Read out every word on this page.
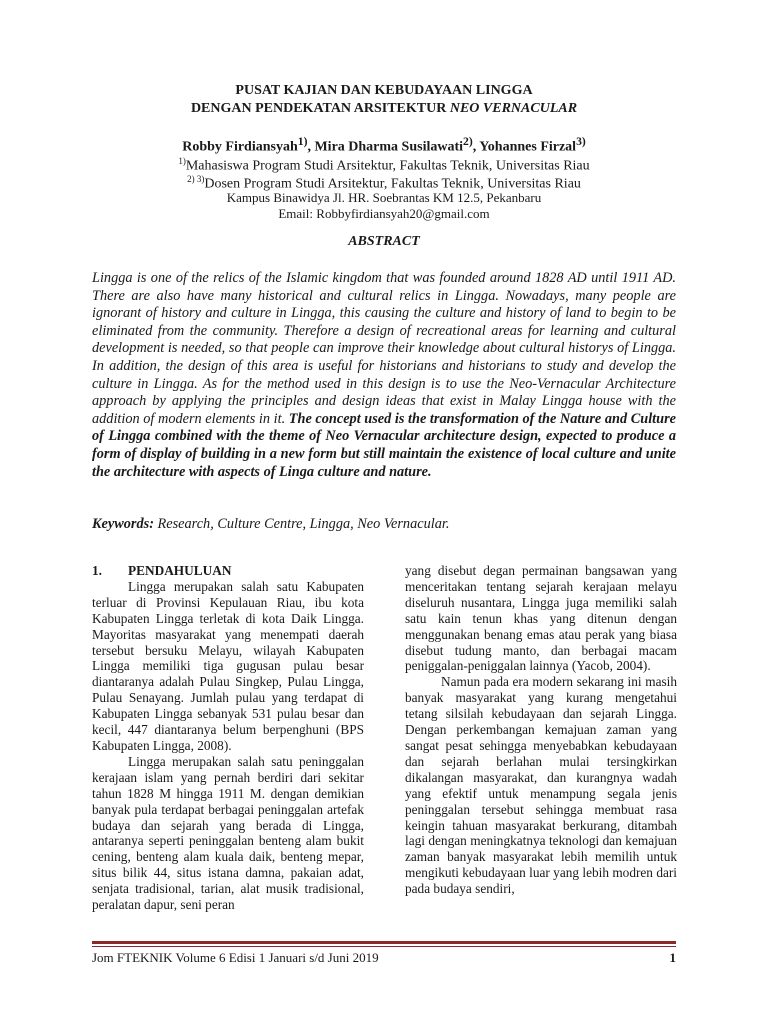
PUSAT KAJIAN DAN KEBUDAYAAN LINGGA
DENGAN PENDEKATAN ARSITEKTUR NEO VERNACULAR
Robby Firdiansyah$^{1)}$, Mira Dharma Susilawati$^{2)}$, Yohannes Firzal$^{3)}$
$^{1)}$Mahasiswa Program Studi Arsitektur, Fakultas Teknik, Universitas Riau
$^{2) 3)}$Dosen Program Studi Arsitektur, Fakultas Teknik, Universitas Riau
Kampus Binawidya Jl. HR. Soebrantas KM 12.5, Pekanbaru
Email: Robbyfirdiansyah20@gmail.com
ABSTRACT
Lingga is one of the relics of the Islamic kingdom that was founded around 1828 AD until 1911 AD. There are also have many historical and cultural relics in Lingga. Nowadays, many people are ignorant of history and culture in Lingga, this causing the culture and history of land to begin to be eliminated from the community. Therefore a design of recreational areas for learning and cultural development is needed, so that people can improve their knowledge about cultural historys of Lingga. In addition, the design of this area is useful for historians and historians to study and develop the culture in Lingga. As for the method used in this design is to use the Neo-Vernacular Architecture approach by applying the principles and design ideas that exist in Malay Lingga house with the addition of modern elements in it. The concept used is the transformation of the Nature and Culture of Lingga combined with the theme of Neo Vernacular architecture design, expected to produce a form of display of building in a new form but still maintain the existence of local culture and unite the architecture with aspects of Linga culture and nature.
Keywords: Research, Culture Centre, Lingga, Neo Vernacular.

1. PENDAHULUAN

Lingga merupakan salah satu Kabupaten terluar di Provinsi Kepulauan Riau, ibu kota Kabupaten Lingga terletak di kota Daik Lingga. Mayoritas masyarakat yang menempati daerah tersebut bersuku Melayu, wilayah Kabupaten Lingga memiliki tiga gugusan pulau besar diantaranya adalah Pulau Singkep, Pulau Lingga, Pulau Senayang. Jumlah pulau yang terdapat di Kabupaten Lingga sebanyak 531 pulau besar dan kecil, 447 diantaranya belum berpenghuni (BPS Kabupaten Lingga, 2008).

Lingga merupakan salah satu peninggalan kerajaan islam yang pernah berdiri dari sekitar tahun 1828 M hingga 1911 M. dengan demikian banyak pula terdapat berbagai peninggalan artefak budaya dan sejarah yang berada di Lingga, antaranya seperti peninggalan benteng alam bukit cening, benteng alam kuala daik, benteng mepar, situs bilik 44, situs istana damna, pakaian adat, senjata tradisional, tarian, alat musik tradisional, peralatan dapur, seni peran

yang disebut degan permainan bangsawan yang menceritakan tentang sejarah kerajaan melayu diseluruh nusantara, Lingga juga memiliki salah satu kain tenun khas yang ditenun dengan menggunakan benang emas atau perak yang biasa disebut tudung manto, dan berbagai macam peniggalan-peniggalan lainnya (Yacob, 2004).

Namun pada era modern sekarang ini masih banyak masyarakat yang kurang mengetahui tetang silsilah kebudayaan dan sejarah Lingga. Dengan perkembangan kemajuan zaman yang sangat pesat sehingga menyebabkan kebudayaan dan sejarah berlahan mulai tersingkirkan dikalangan masyarakat, dan kurangnya wadah yang efektif untuk menampung segala jenis peninggalan tersebut sehingga membuat rasa keingin tahuan masyarakat berkurang, ditambah lagi dengan meningkatnya teknologi dan kemajuan zaman banyak masyarakat lebih memilih untuk mengikuti kebudayaan luar yang lebih modren dari pada budaya sendiri,

Jom FTEKNIK Volume 6 Edisi 1 Januari s/d Juni 2019	1
